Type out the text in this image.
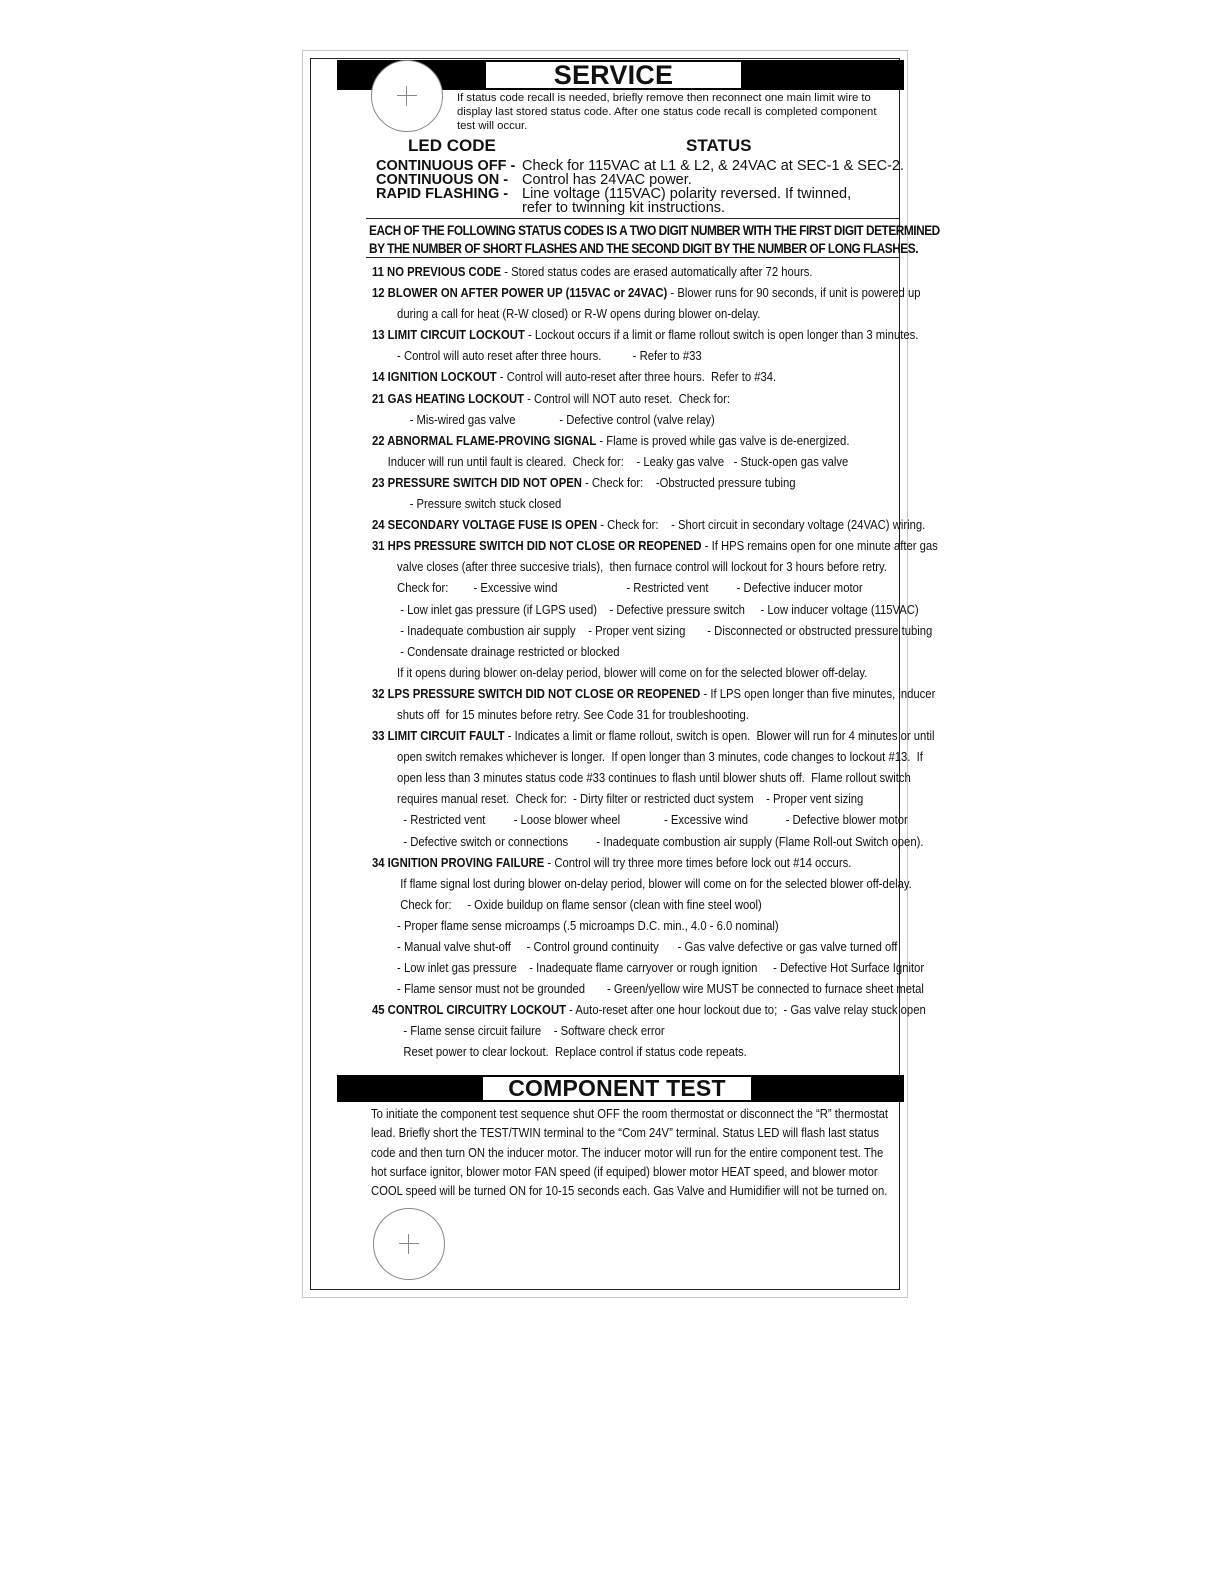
SERVICE
If status code recall is needed, briefly remove then reconnect one main limit wire to display last stored status code. After one status code recall is completed component test will occur.
LED CODE	STATUS
CONTINUOUS OFF - Check for 115VAC at L1 & L2, & 24VAC at SEC-1 & SEC-2.
CONTINUOUS ON - Control has 24VAC power.
RAPID FLASHING - Line voltage (115VAC) polarity reversed. If twinned,
refer to twinning kit instructions.
EACH OF THE FOLLOWING STATUS CODES IS A TWO DIGIT NUMBER WITH THE FIRST DIGIT DETERMINED
BY THE NUMBER OF SHORT FLASHES AND THE SECOND DIGIT BY THE NUMBER OF LONG FLASHES.
11 NO PREVIOUS CODE - Stored status codes are erased automatically after 72 hours.
12 BLOWER ON AFTER POWER UP (115VAC or 24VAC) - Blower runs for 90 seconds, if unit is powered up
during a call for heat (R-W closed) or R-W opens during blower on-delay.
13 LIMIT CIRCUIT LOCKOUT - Lockout occurs if a limit or flame rollout switch is open longer than 3 minutes.
- Control will auto reset after three hours.          - Refer to #33
14 IGNITION LOCKOUT - Control will auto-reset after three hours.  Refer to #34.
21 GAS HEATING LOCKOUT - Control will NOT auto reset.  Check for:
- Mis-wired gas valve              - Defective control (valve relay)
22 ABNORMAL FLAME-PROVING SIGNAL - Flame is proved while gas valve is de-energized.
Inducer will run until fault is cleared.  Check for:    - Leaky gas valve   - Stuck-open gas valve
23 PRESSURE SWITCH DID NOT OPEN - Check for:    -Obstructed pressure tubing
- Pressure switch stuck closed
24 SECONDARY VOLTAGE FUSE IS OPEN - Check for:    - Short circuit in secondary voltage (24VAC) wiring.
31 HPS PRESSURE SWITCH DID NOT CLOSE OR REOPENED - If HPS remains open for one minute after gas
valve closes (after three succesive trials),  then furnace control will lockout for 3 hours before retry.
Check for:        - Excessive wind                      - Restricted vent         - Defective inducer motor
- Low inlet gas pressure (if LGPS used)    - Defective pressure switch     - Low inducer voltage (115VAC)
- Inadequate combustion air supply    - Proper vent sizing       - Disconnected or obstructed pressure tubing
- Condensate drainage restricted or blocked
If it opens during blower on-delay period, blower will come on for the selected blower off-delay.
32 LPS PRESSURE SWITCH DID NOT CLOSE OR REOPENED - If LPS open longer than five minutes, inducer
shuts off  for 15 minutes before retry. See Code 31 for troubleshooting.
33 LIMIT CIRCUIT FAULT - Indicates a limit or flame rollout, switch is open.  Blower will run for 4 minutes or until
open switch remakes whichever is longer.  If open longer than 3 minutes, code changes to lockout #13.  If
open less than 3 minutes status code #33 continues to flash until blower shuts off.  Flame rollout switch
requires manual reset.  Check for:  - Dirty filter or restricted duct system    - Proper vent sizing
- Restricted vent         - Loose blower wheel              - Excessive wind            - Defective blower motor
- Defective switch or connections         - Inadequate combustion air supply (Flame Roll-out Switch open).
34 IGNITION PROVING FAILURE - Control will try three more times before lock out #14 occurs.
If flame signal lost during blower on-delay period, blower will come on for the selected blower off-delay.
Check for:     - Oxide buildup on flame sensor (clean with fine steel wool)
- Proper flame sense microamps (.5 microamps D.C. min., 4.0 - 6.0 nominal)
- Manual valve shut-off     - Control ground continuity      - Gas valve defective or gas valve turned off
- Low inlet gas pressure    - Inadequate flame carryover or rough ignition     - Defective Hot Surface Ignitor
- Flame sensor must not be grounded       - Green/yellow wire MUST be connected to furnace sheet metal
45 CONTROL CIRCUITRY LOCKOUT - Auto-reset after one hour lockout due to;  - Gas valve relay stuck open
- Flame sense circuit failure    - Software check error
Reset power to clear lockout.  Replace control if status code repeats.
COMPONENT TEST
To initiate the component test sequence shut OFF the room thermostat or disconnect the “R” thermostat
lead. Briefly short the TEST/TWIN terminal to the “Com 24V” terminal. Status LED will flash last status
code and then turn ON the inducer motor. The inducer motor will run for the entire component test. The
hot surface ignitor, blower motor FAN speed (if equiped) blower motor HEAT speed, and blower motor
COOL speed will be turned ON for 10-15 seconds each. Gas Valve and Humidifier will not be turned on.
